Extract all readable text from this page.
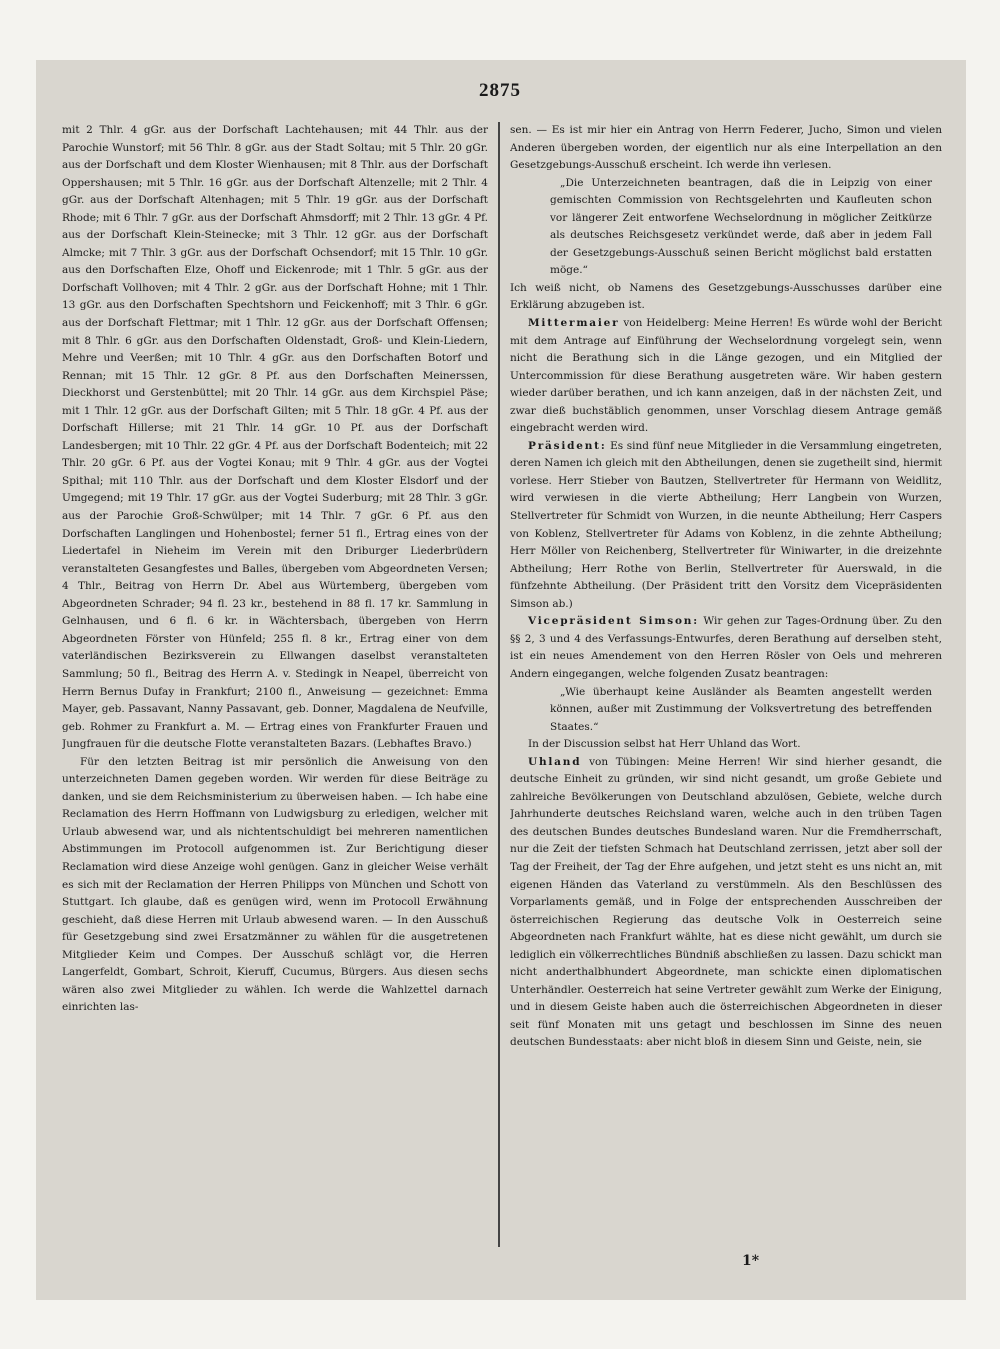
2875

mit 2 Thlr. 4 gGr. aus der Dorfschaft Lachtehausen; mit 44 Thlr. aus der Parochie Wunstorf; mit 56 Thlr. 8 gGr. aus der Stadt Soltau; mit 5 Thlr. 20 gGr. aus der Dorfschaft und dem Kloster Wienhausen; mit 8 Thlr. aus der Dorfschaft Oppershausen; mit 5 Thlr. 16 gGr. aus der Dorfschaft Altenzelle; mit 2 Thlr. 4 gGr. aus der Dorfschaft Altenhagen; mit 5 Thlr. 19 gGr. aus der Dorfschaft Rhode; mit 6 Thlr. 7 gGr. aus der Dorfschaft Ahmsdorff; mit 2 Thlr. 13 gGr. 4 Pf. aus der Dorfschaft Klein-Steinecke; mit 3 Thlr. 12 gGr. aus der Dorfschaft Almcke; mit 7 Thlr. 3 gGr. aus der Dorfschaft Ochsendorf; mit 15 Thlr. 10 gGr. aus den Dorfschaften Elze, Ohoff und Eickenrode; mit 1 Thlr. 5 gGr. aus der Dorfschaft Vollhoven; mit 4 Thlr. 2 gGr. aus der Dorfschaft Hohne; mit 1 Thlr. 13 gGr. aus den Dorfschaften Spechtshorn und Feickenhoff; mit 3 Thlr. 6 gGr. aus der Dorfschaft Flettmar; mit 1 Thlr. 12 gGr. aus der Dorfschaft Offensen; mit 8 Thlr. 6 gGr. aus den Dorfschaften Oldenstadt, Groß- und Klein-Liedern, Mehre und Veerßen; mit 10 Thlr. 4 gGr. aus den Dorfschaften Botorf und Rennan; mit 15 Thlr. 12 gGr. 8 Pf. aus den Dorfschaften Meinerssen, Dieckhorst und Gerstenbüttel; mit 20 Thlr. 14 gGr. aus dem Kirchspiel Päse; mit 1 Thlr. 12 gGr. aus der Dorfschaft Gilten; mit 5 Thlr. 18 gGr. 4 Pf. aus der Dorfschaft Hillerse; mit 21 Thlr. 14 gGr. 10 Pf. aus der Dorfschaft Landesbergen; mit 10 Thlr. 22 gGr. 4 Pf. aus der Dorfschaft Bodenteich; mit 22 Thlr. 20 gGr. 6 Pf. aus der Vogtei Konau; mit 9 Thlr. 4 gGr. aus der Vogtei Spithal; mit 110 Thlr. aus der Dorfschaft und dem Kloster Elsdorf und der Umgegend; mit 19 Thlr. 17 gGr. aus der Vogtei Suderburg; mit 28 Thlr. 3 gGr. aus der Parochie Groß-Schwülper; mit 14 Thlr. 7 gGr. 6 Pf. aus den Dorfschaften Langlingen und Hohenbostel; ferner 51 fl., Ertrag eines von der Liedertafel in Nieheim im Verein mit den Driburger Liederbrüdern veranstalteten Gesangfestes und Balles, übergeben vom Abgeordneten Versen; 4 Thlr., Beitrag von Herrn Dr. Abel aus Würtemberg, übergeben vom Abgeordneten Schrader; 94 fl. 23 kr., bestehend in 88 fl. 17 kr. Sammlung in Gelnhausen, und 6 fl. 6 kr. in Wächtersbach, übergeben von Herrn Abgeordneten Förster von Hünfeld; 255 fl. 8 kr., Ertrag einer von dem vaterländischen Bezirksverein zu Ellwangen daselbst veranstalteten Sammlung; 50 fl., Beitrag des Herrn A. v. Stedingk in Neapel, überreicht von Herrn Bernus Dufay in Frankfurt; 2100 fl., Anweisung — gezeichnet: Emma Mayer, geb. Passavant, Nanny Passavant, geb. Donner, Magdalena de Neufville, geb. Rohmer zu Frankfurt a. M. — Ertrag eines von Frankfurter Frauen und Jungfrauen für die deutsche Flotte veranstalteten Bazars. (Lebhaftes Bravo.)

Für den letzten Beitrag ist mir persönlich die Anweisung von den unterzeichneten Damen gegeben worden. Wir werden für diese Beiträge zu danken, und sie dem Reichsministerium zu überweisen haben. — Ich habe eine Reclamation des Herrn Hoffmann von Ludwigsburg zu erledigen, welcher mit Urlaub abwesend war, und als nichtentschuldigt bei mehreren namentlichen Abstimmungen im Protocoll aufgenommen ist. Zur Berichtigung dieser Reclamation wird diese Anzeige wohl genügen. Ganz in gleicher Weise verhält es sich mit der Reclamation der Herren Philipps von München und Schott von Stuttgart. Ich glaube, daß es genügen wird, wenn im Protocoll Erwähnung geschieht, daß diese Herren mit Urlaub abwesend waren. — In den Ausschuß für Gesetzgebung sind zwei Ersatzmänner zu wählen für die ausgetretenen Mitglieder Keim und Compes. Der Ausschuß schlägt vor, die Herren Langerfeldt, Gombart, Schroit, Kieruff, Cucumus, Bürgers. Aus diesen sechs wären also zwei Mitglieder zu wählen. Ich werde die Wahlzettel darnach einrichten las-

sen. — Es ist mir hier ein Antrag von Herrn Federer, Jucho, Simon und vielen Anderen übergeben worden, der eigentlich nur als eine Interpellation an den Gesetzgebungs-Ausschuß erscheint. Ich werde ihn verlesen.

„Die Unterzeichneten beantragen, daß die in Leipzig von einer gemischten Commission von Rechtsgelehrten und Kaufleuten schon vor längerer Zeit entworfene Wechselordnung in möglicher Zeitkürze als deutsches Reichsgesetz verkündet werde, daß aber in jedem Fall der Gesetzgebungs-Ausschuß seinen Bericht möglichst bald erstatten möge.“

Ich weiß nicht, ob Namens des Gesetzgebungs-Ausschusses darüber eine Erklärung abzugeben ist.

Mittermaier von Heidelberg: Meine Herren! Es würde wohl der Bericht mit dem Antrage auf Einführung der Wechselordnung vorgelegt sein, wenn nicht die Berathung sich in die Länge gezogen, und ein Mitglied der Untercommission für diese Berathung ausgetreten wäre. Wir haben gestern wieder darüber berathen, und ich kann anzeigen, daß in der nächsten Zeit, und zwar dieß buchstäblich genommen, unser Vorschlag diesem Antrage gemäß eingebracht werden wird.

Präsident: Es sind fünf neue Mitglieder in die Versammlung eingetreten, deren Namen ich gleich mit den Abtheilungen, denen sie zugetheilt sind, hiermit vorlese. Herr Stieber von Bautzen, Stellvertreter für Hermann von Weidlitz, wird verwiesen in die vierte Abtheilung; Herr Langbein von Wurzen, Stellvertreter für Schmidt von Wurzen, in die neunte Abtheilung; Herr Caspers von Koblenz, Stellvertreter für Adams von Koblenz, in die zehnte Abtheilung; Herr Möller von Reichenberg, Stellvertreter für Winiwarter, in die dreizehnte Abtheilung; Herr Rothe von Berlin, Stellvertreter für Auerswald, in die fünfzehnte Abtheilung. (Der Präsident tritt den Vorsitz dem Vicepräsidenten Simson ab.)

Vicepräsident Simson: Wir gehen zur Tages-Ordnung über. Zu den §§ 2, 3 und 4 des Verfassungs-Entwurfes, deren Berathung auf derselben steht, ist ein neues Amendement von den Herren Rösler von Oels und mehreren Andern eingegangen, welche folgenden Zusatz beantragen:

„Wie überhaupt keine Ausländer als Beamten angestellt werden können, außer mit Zustimmung der Volksvertretung des betreffenden Staates.“

In der Discussion selbst hat Herr Uhland das Wort.

Uhland von Tübingen: Meine Herren! Wir sind hierher gesandt, die deutsche Einheit zu gründen, wir sind nicht gesandt, um große Gebiete und zahlreiche Bevölkerungen von Deutschland abzulösen, Gebiete, welche durch Jahrhunderte deutsches Reichsland waren, welche auch in den trüben Tagen des deutschen Bundes deutsches Bundesland waren. Nur die Fremdherrschaft, nur die Zeit der tiefsten Schmach hat Deutschland zerrissen, jetzt aber soll der Tag der Freiheit, der Tag der Ehre aufgehen, und jetzt steht es uns nicht an, mit eigenen Händen das Vaterland zu verstümmeln. Als den Beschlüssen des Vorparlaments gemäß, und in Folge der entsprechenden Ausschreiben der österreichischen Regierung das deutsche Volk in Oesterreich seine Abgeordneten nach Frankfurt wählte, hat es diese nicht gewählt, um durch sie lediglich ein völkerrechtliches Bündniß abschließen zu lassen. Dazu schickt man nicht anderthalbhundert Abgeordnete, man schickte einen diplomatischen Unterhändler. Oesterreich hat seine Vertreter gewählt zum Werke der Einigung, und in diesem Geiste haben auch die österreichischen Abgeordneten in dieser seit fünf Monaten mit uns getagt und beschlossen im Sinne des neuen deutschen Bundesstaats: aber nicht bloß in diesem Sinn und Geiste, nein, sie

1*
